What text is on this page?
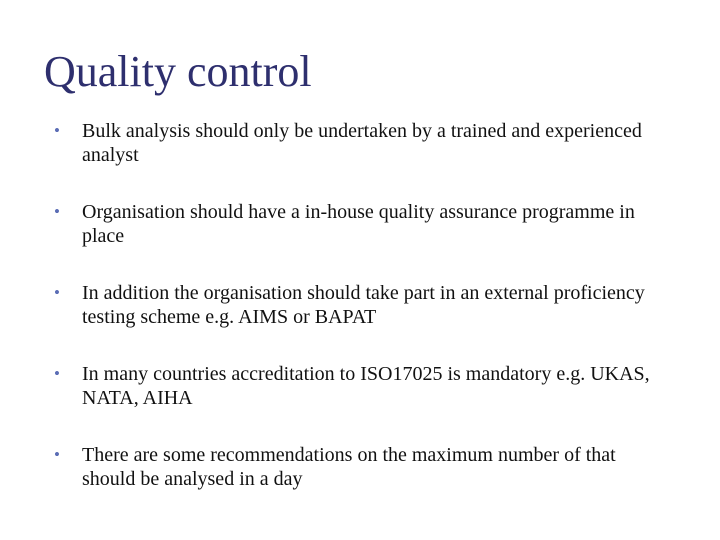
Quality control
• Bulk analysis should only be undertaken by a trained and experienced analyst
• Organisation should have a in-house quality assurance programme in place
• In addition the organisation should take part in an external proficiency testing scheme e.g. AIMS or BAPAT
• In many countries accreditation to ISO17025 is mandatory e.g. UKAS, NATA, AIHA
• There are some recommendations on the maximum number of that should be analysed in a day
